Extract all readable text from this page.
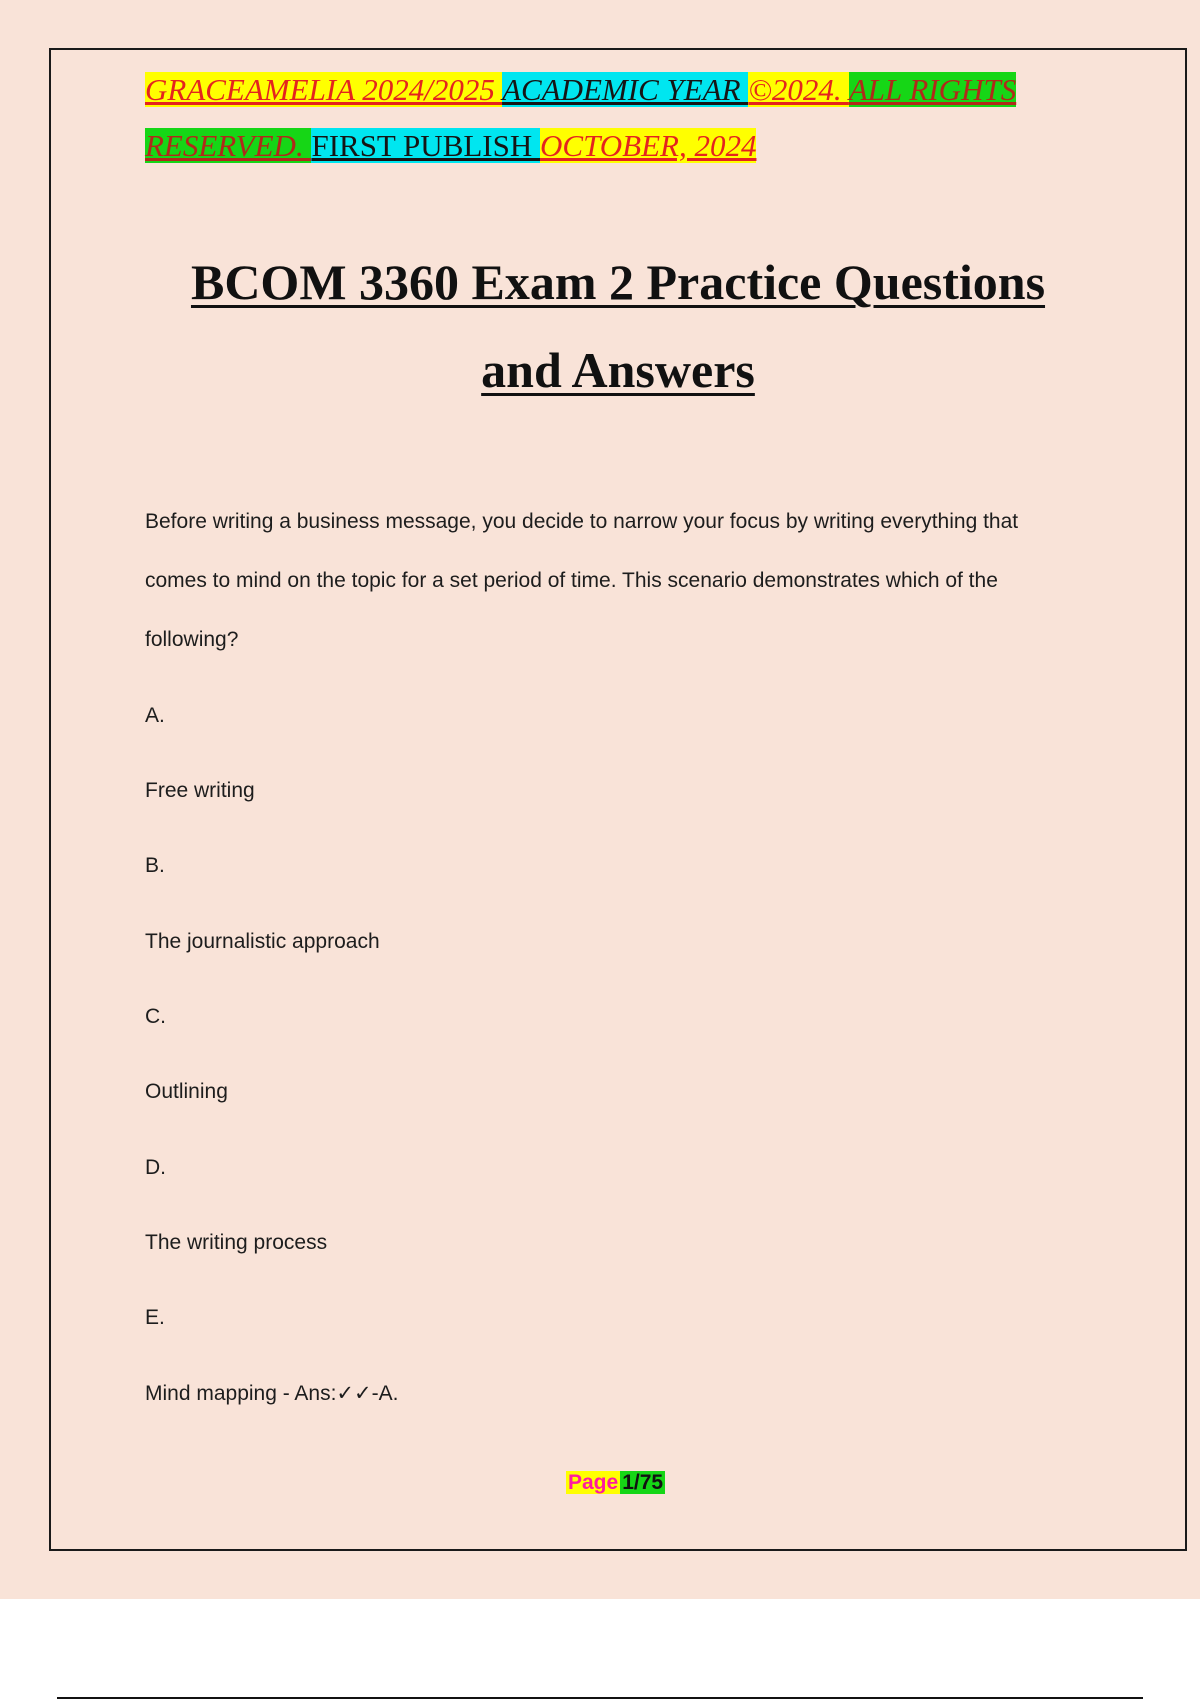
GRACEAMELIA 2024/2025 ACADEMIC YEAR ©2024. ALL RIGHTS
RESERVED. FIRST PUBLISH OCTOBER, 2024
BCOM 3360 Exam 2 Practice Questions
and Answers
Before writing a business message, you decide to narrow your focus by writing everything that
comes to mind on the topic for a set period of time. This scenario demonstrates which of the
following?
A.
Free writing
B.
The journalistic approach
C.
Outlining
D.
The writing process
E.
Mind mapping - Ans:✓✓-A.
Page 1/75
